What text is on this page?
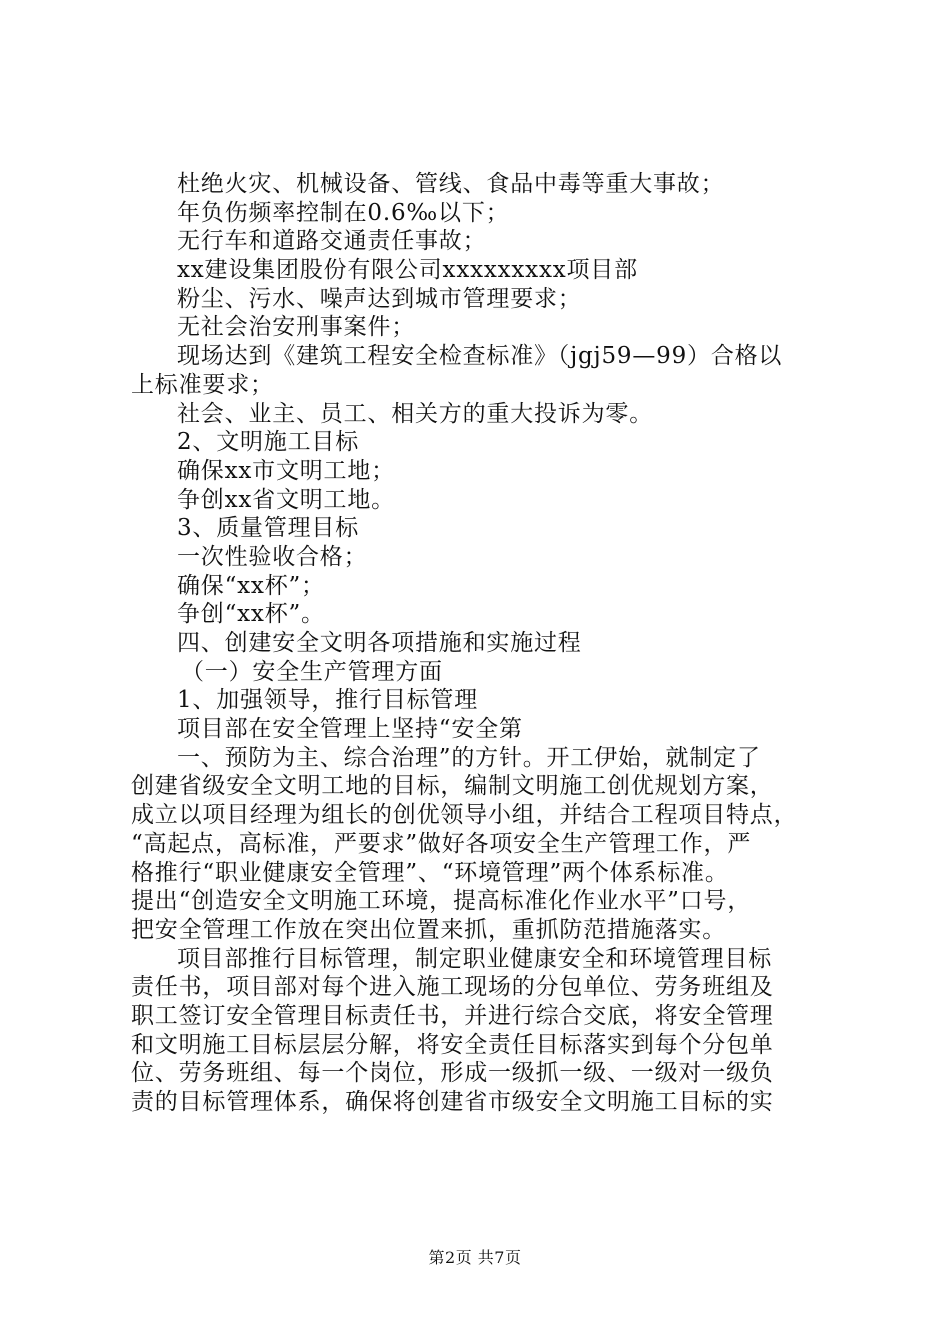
杜绝火灾、机械设备、管线、食品中毒等重大事故；
年负伤频率控制在0.6‰以下；
无行车和道路交通责任事故；
xx建设集团股份有限公司xxxxxxxxx项目部
粉尘、污水、噪声达到城市管理要求；
无社会治安刑事案件；
现场达到《建筑工程安全检查标准》（jgj59—99）合格以
上标准要求；
社会、业主、员工、相关方的重大投诉为零。
2、文明施工目标
确保xx市文明工地；
争创xx省文明工地。
3、质量管理目标
一次性验收合格；
确保“xx杯”；
争创“xx杯”。
四、创建安全文明各项措施和实施过程
（一）安全生产管理方面
1、加强领导，推行目标管理
项目部在安全管理上坚持“安全第
一、预防为主、综合治理”的方针。开工伊始，就制定了
创建省级安全文明工地的目标，编制文明施工创优规划方案，
成立以项目经理为组长的创优领导小组，并结合工程项目特点，
“高起点，高标准，严要求”做好各项安全生产管理工作，严
格推行“职业健康安全管理”、“环境管理”两个体系标准。
提出“创造安全文明施工环境，提高标准化作业水平”口号，
把安全管理工作放在突出位置来抓，重抓防范措施落实。
项目部推行目标管理，制定职业健康安全和环境管理目标
责任书，项目部对每个进入施工现场的分包单位、劳务班组及
职工签订安全管理目标责任书，并进行综合交底，将安全管理
和文明施工目标层层分解，将安全责任目标落实到每个分包单
位、劳务班组、每一个岗位，形成一级抓一级、一级对一级负
责的目标管理体系，确保将创建省市级安全文明施工目标的实
第2页 共7页
